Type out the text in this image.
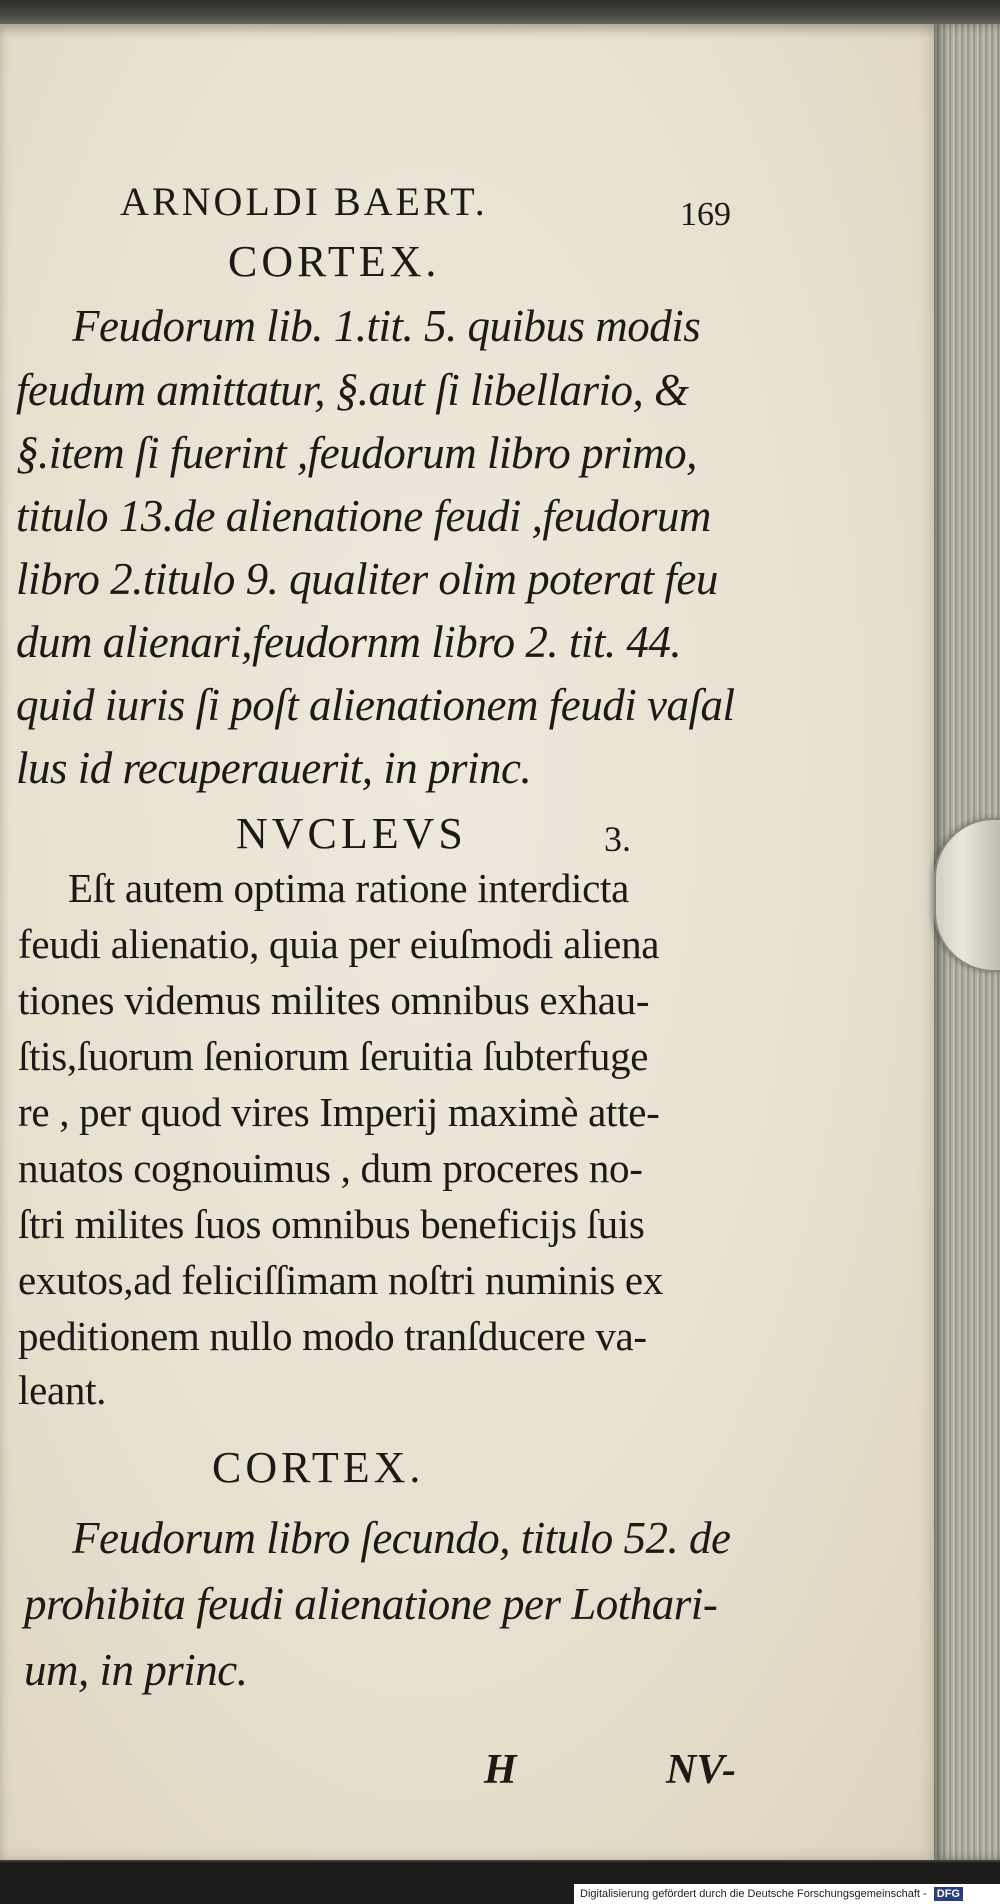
ARNOLDI BAERT.	169
CORTEX.
Feudorum lib. 1.tit. 5. quibus modis
feudum amittatur, §.aut ſi libellario, &
§.item ſi fuerint ,feudorum libro primo,
titulo 13.de alienatione feudi ,feudorum
libro 2.titulo 9. qualiter olim poterat feu
dum alienari,feudornm libro 2. tit. 44.
quid iuris ſi poſt alienationem feudi vaſal
lus id recuperauerit, in princ.
NVCLEVS	3.
Eſt autem optima ratione interdicta
feudi alienatio, quia per eiuſmodi aliena
tiones videmus milites omnibus exhau-
ſtis,ſuorum ſeniorum ſeruitia ſubterfuge
re , per quod vires Imperij maximè atte-
nuatos cognouimus , dum proceres no-
ſtri milites ſuos omnibus beneficijs ſuis
exutos,ad feliciſſimam noſtri numinis ex
peditionem nullo modo tranſducere va-
leant.
CORTEX.
Feudorum libro ſecundo, titulo 52. de
prohibita feudi alienatione per Lothari-
um, in princ.
H	NV-
Digitalisierung gefördert durch die Deutsche Forschungsgemeinschaft - DFG
